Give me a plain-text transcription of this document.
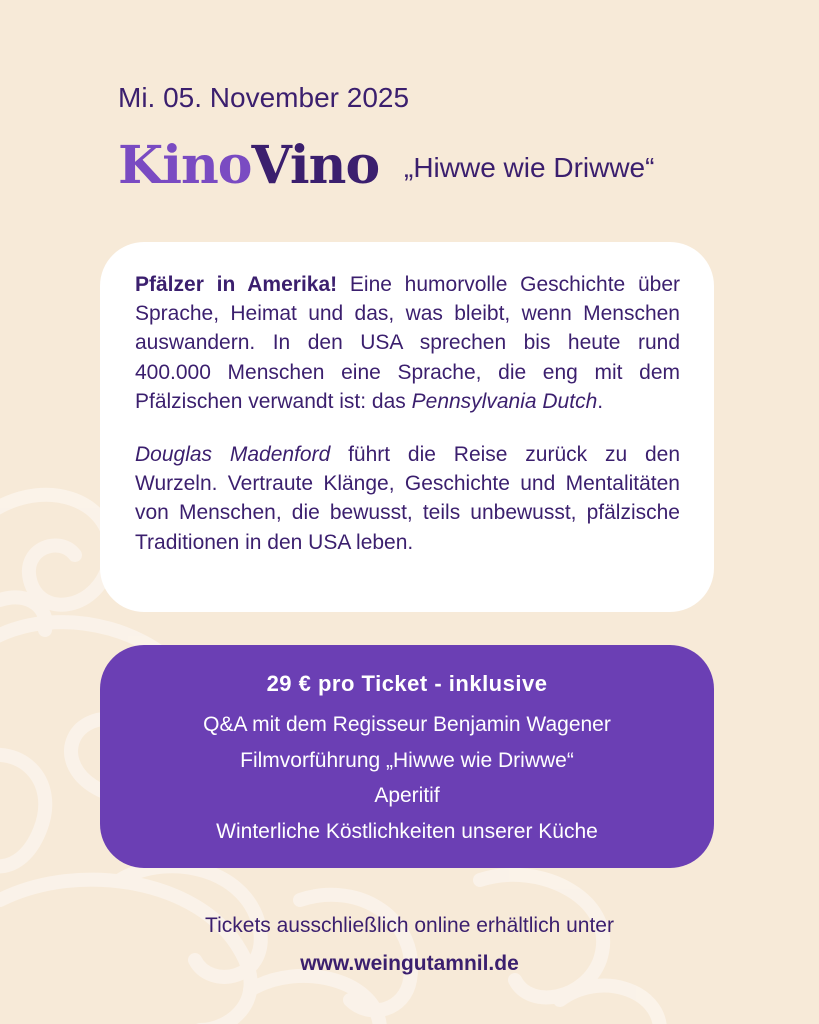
Mi. 05. November 2025
KinoVino „Hiwwe wie Driwwe“

Pfälzer in Amerika! Eine humorvolle Geschichte über Sprache, Heimat und das, was bleibt, wenn Menschen auswandern. In den USA sprechen bis heute rund 400.000 Menschen eine Sprache, die eng mit dem Pfälzischen verwandt ist: das Pennsylvania Dutch.

Douglas Madenford führt die Reise zurück zu den Wurzeln. Vertraute Klänge, Geschichte und Mentalitäten von Menschen, die bewusst, teils unbewusst, pfälzische Traditionen in den USA leben.

29 € pro Ticket - inklusive
Q&A mit dem Regisseur Benjamin Wagener
Filmvorführung „Hiwwe wie Driwwe“
Aperitif
Winterliche Köstlichkeiten unserer Küche
Tickets ausschließlich online erhältlich unter
www.weingutamnil.de
